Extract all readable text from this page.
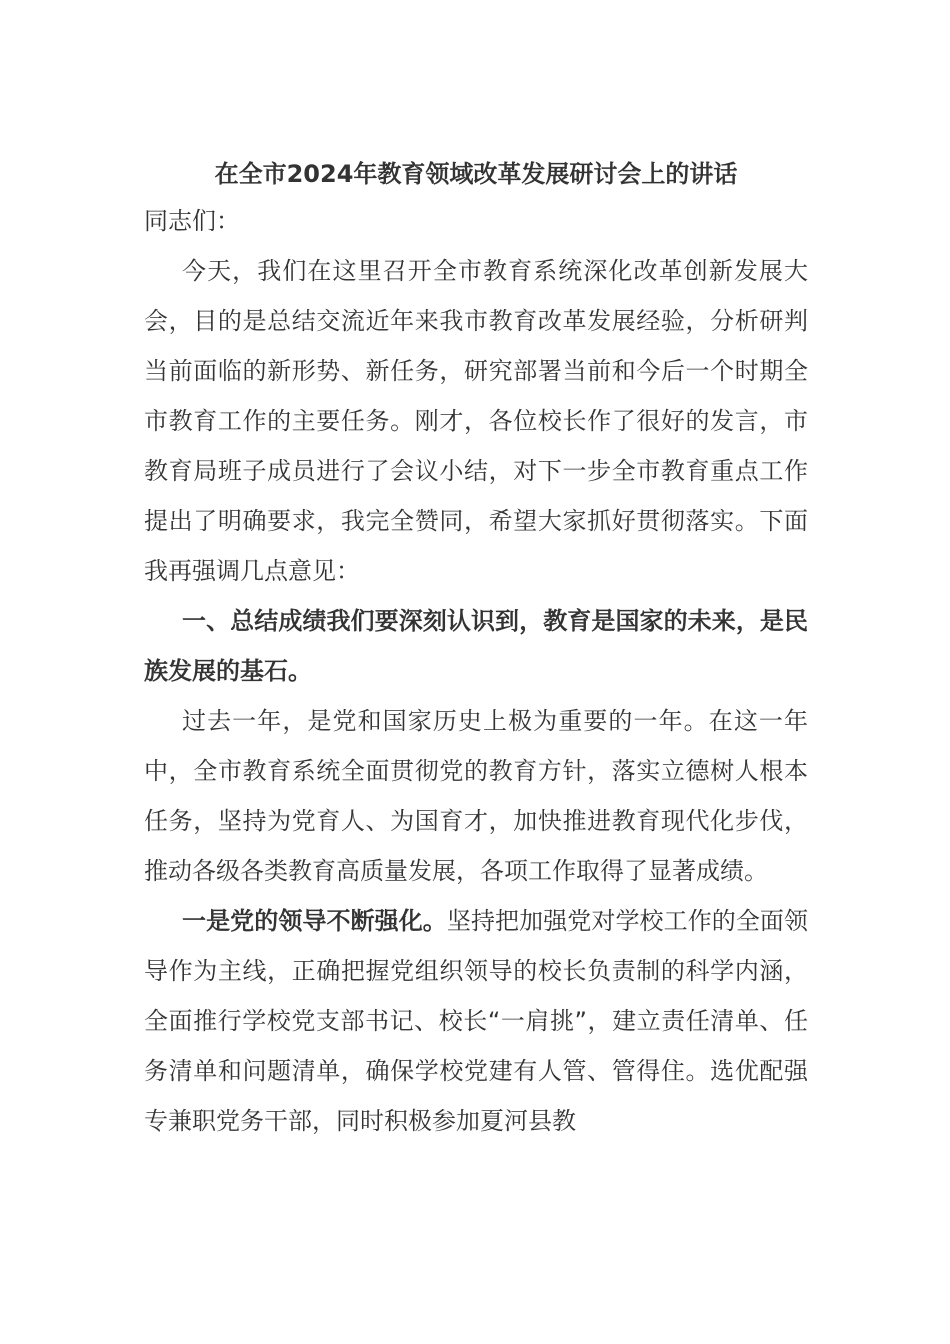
在全市2024年教育领域改革发展研讨会上的讲话

同志们：

今天，我们在这里召开全市教育系统深化改革创新发展大会，目的是总结交流近年来我市教育改革发展经验，分析研判当前面临的新形势、新任务，研究部署当前和今后一个时期全市教育工作的主要任务。刚才，各位校长作了很好的发言，市教育局班子成员进行了会议小结，对下一步全市教育重点工作提出了明确要求，我完全赞同，希望大家抓好贯彻落实。下面我再强调几点意见：

一、总结成绩我们要深刻认识到，教育是国家的未来，是民族发展的基石。

过去一年，是党和国家历史上极为重要的一年。在这一年中，全市教育系统全面贯彻党的教育方针，落实立德树人根本任务，坚持为党育人、为国育才，加快推进教育现代化步伐，推动各级各类教育高质量发展，各项工作取得了显著成绩。

一是党的领导不断强化。坚持把加强党对学校工作的全面领导作为主线，正确把握党组织领导的校长负责制的科学内涵，全面推行学校党支部书记、校长“一肩挑”，建立责任清单、任务清单和问题清单，确保学校党建有人管、管得住。选优配强专兼职党务干部，同时积极参加夏河县教
